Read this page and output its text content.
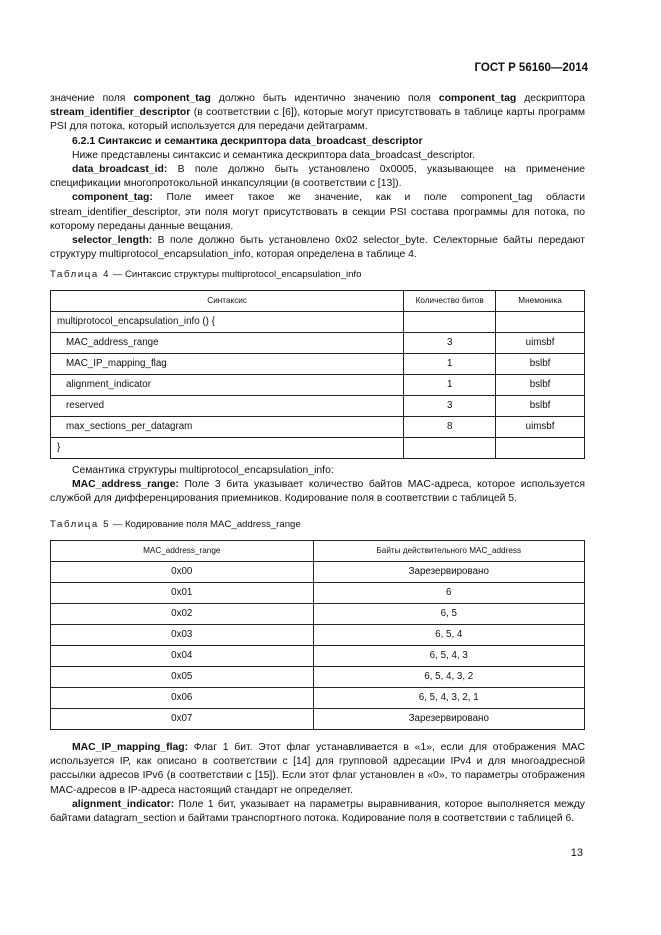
ГОСТ Р 56160—2014

значение поля component_tag должно быть идентично значению поля component_tag дескриптора stream_identifier_descriptor (в соответствии с [6]), которые могут присутствовать в таблице карты программ PSI для потока, который используется для передачи дейтаграмм.

6.2.1 Синтаксис и семантика дескриптора data_broadcast_descriptor

Ниже представлены синтаксис и семантика дескриптора data_broadcast_descriptor.

data_broadcast_id: В поле должно быть установлено 0x0005, указывающее на применение спецификации многопротокольной инкапсуляции (в соответствии с [13]).

component_tag: Поле имеет такое же значение, как и поле component_tag области stream_identifier_descriptor, эти поля могут присутствовать в секции PSI состава программы для потока, по которому переданы данные вещания.

selector_length: В поле должно быть установлено 0x02 selector_byte. Селекторные байты передают структуру multiprotocol_encapsulation_info, которая определена в таблице 4.

Таблица 4 — Синтаксис структуры multiprotocol_encapsulation_info
Синтаксис	Количество битов	Мнемоника
multiprotocol_encapsulation_info () {		
MAC_address_range	3	uimsbf
MAC_IP_mapping_flag	1	bslbf
alignment_indicator	1	bslbf
reserved	3	bslbf
max_sections_per_datagram	8	uimsbf
}		

Семантика структуры multiprotocol_encapsulation_info:

MAC_address_range: Поле 3 бита указывает количество байтов MAC-адреса, которое используется службой для дифференцирования приемников. Кодирование поля в соответствии с таблицей 5.

Таблица 5 — Кодирование поля MAC_address_range
MAC_address_range	Байты действительного MAC_address
0x00	Зарезервировано
0x01	6
0x02	6, 5
0x03	6, 5, 4
0x04	6, 5, 4, 3
0x05	6, 5, 4, 3, 2
0x06	6, 5, 4, 3, 2, 1
0x07	Зарезервировано

MAC_IP_mapping_flag: Флаг 1 бит. Этот флаг устанавливается в «1», если для отображения MAC используется IP, как описано в соответствии с [14] для групповой адресации IPv4 и для многоадресной рассылки адресов IPv6 (в соответствии с [15]). Если этот флаг установлен в «0», то параметры отображения MAC-адресов в IP-адреса настоящий стандарт не определяет.

alignment_indicator: Поле 1 бит, указывает на параметры выравнивания, которое выполняется между байтами datagram_section и байтами транспортного потока. Кодирование поля в соответствии с таблицей 6.

13
